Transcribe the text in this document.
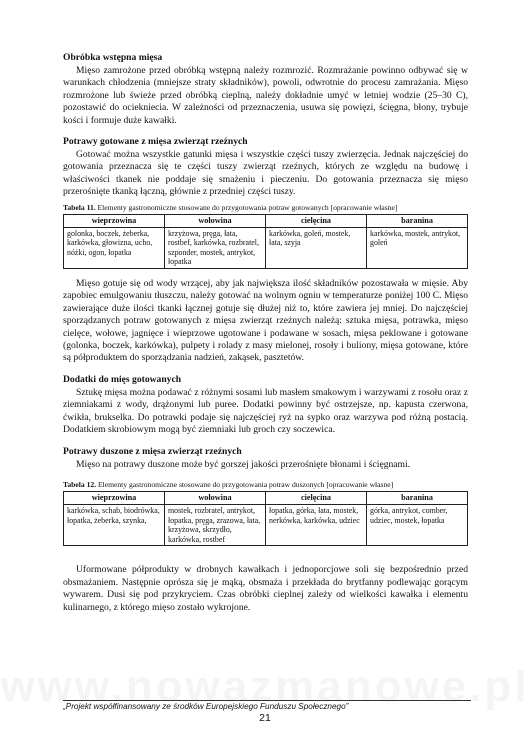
Obróbka wstępna mięsa

Mięso zamrożone przed obróbką wstępną należy rozmrozić. Rozmrażanie powinno odbywać się w warunkach chłodzenia (mniejsze straty składników), powoli, odwrotnie do procesu zamrażania. Mięso rozmrożone lub świeże przed obróbką cieplną, należy dokładnie umyć w letniej wodzie (25–30 C), pozostawić do ociekniecia. W zależności od przeznaczenia, usuwa się powięzi, ścięgna, błony, trybuje kości i formuje duże kawałki.

Potrawy gotowane z mięsa zwierząt rzeźnych

Gotować można wszystkie gatunki mięsa i wszystkie części tuszy zwierzęcia. Jednak najczęściej do gotowania przeznacza się te części tuszy zwierząt rzeźnych, których ze względu na budowę i właściwości tkanek nie poddaje się smażeniu i pieczeniu. Do gotowania przeznacza się mięso przerośnięte tkanką łączną, głównie z przedniej części tuszy.

Tabela 11. Elementy gastronomiczne stosowane do przygotowania potraw gotowanych [opracowanie własne]
wieprzowina	wołowina	cielęcina	baranina
golonka, boczek, żeberka, karkówka, głowizna, ucho, nóżki, ogon, łopatka	krzyżowa, pręga, łata, rostbef, karkówka, rozbratel, szponder, mostek, antrykot, łopatka	karkówka, goleń, mostek, łata, szyja	karkówka, mostek, antrykot, goleń

Mięso gotuje się od wody wrzącej, aby jak największa ilość składników pozostawała w mięsie. Aby zapobiec emulgowaniu tłuszczu, należy gotować na wolnym ogniu w temperaturze poniżej 100 C. Mięso zawierające duże ilości tkanki łącznej gotuje się dłużej niż to, które zawiera jej mniej. Do najczęściej sporządzanych potraw gotowanych z mięsa zwierząt rzeźnych należą: sztuka mięsa, potrawka, mięso cielęce, wołowe, jagnięce i wieprzowe ugotowane i podawane w sosach, mięsa peklowane i gotowane (golonka, boczek, karkówka), pulpety i rolady z masy mielonej, rosoły i buliony, mięsa gotowane, które są półproduktem do sporządzania nadzień, zakąsek, pasztetów.

Dodatki do mięs gotowanych

Sztukę mięsa można podawać z różnymi sosami lub masłem smakowym i warzywami z rosołu oraz z ziemniakami z wody, drążonymi lub puree. Dodatki powinny być ostrzejsze, np. kapusta czerwona, ćwikła, brukselka. Do potrawki podaje się najczęściej ryż na sypko oraz warzywa pod różną postacią. Dodatkiem skrobiowym mogą być ziemniaki lub groch czy soczewica.

Potrawy duszone z mięsa zwierząt rzeźnych

Mięso na potrawy duszone może być gorszej jakości przerośnięte błonami i ścięgnami.

Tabela 12. Elementy gastronomiczne stosowane do przygotowania potraw duszonych [opracowanie własne]
wieprzowina	wołowina	cielęcina	baranina
karkówka, schab, biodrówka, łopatka, żeberka, szynka,	mostek, rozbratel, antrykot, łopatka, pręga, zrazowa, łata, krzyżowa, skrzydło, karkówka, rostbef	łopatka, górka, łata, mostek, nerkówka, karkówka, udziec	górka, antrykot, comber, udziec, mostek, łopatka

Uformowane półprodukty w drobnych kawałkach i jednoporcjowe soli się bezpośrednio przed obsmażaniem. Następnie oprósza się je mąką, obsmaża i przekłada do brytfanny podlewając gorącym wywarem. Dusi się pod przykryciem. Czas obróbki cieplnej zależy od wielkości kawałka i elementu kulinarnego, z którego mięso zostało wykrojone.

„Projekt współfinansowany ze środków Europejskiego Funduszu Społecznego”
21
